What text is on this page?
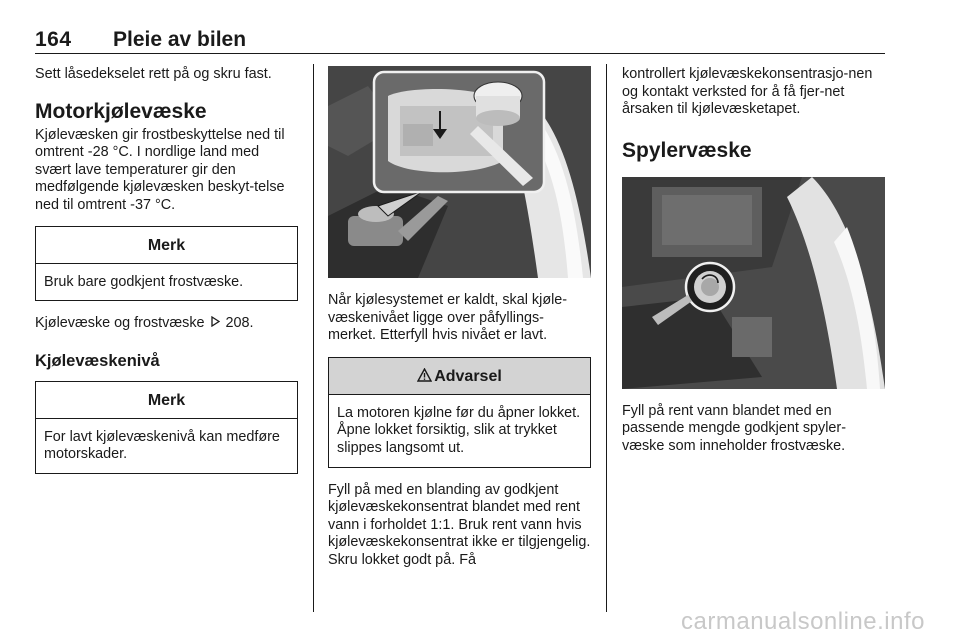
164 Pleie av bilen

Sett låsedekselet rett på og skru fast.

Motorkjølevæske

Kjølevæsken gir frostbeskyttelse ned til omtrent -28 °C. I nordlige land med svært lave temperaturer gir den medfølgende kjølevæsken beskyt-telse ned til omtrent -37 °C.

Merk
Bruk bare godkjent frostvæske.

Kjølevæske og frostvæske 208.

Kjølevæskenivå
Merk
For lavt kjølevæskenivå kan medføre motorskader.

Når kjølesystemet er kaldt, skal kjøle-væskenivået ligge over påfyllings-merket. Etterfyll hvis nivået er lavt.

Advarsel
La motoren kjølne før du åpner lokket. Åpne lokket forsiktig, slik at trykket slippes langsomt ut.

Fyll på med en blanding av godkjent kjølevæskekonsentrat blandet med rent vann i forholdet 1:1. Bruk rent vann hvis kjølevæskekonsentrat ikke er tilgjengelig. Skru lokket godt på. Få

kontrollert kjølevæskekonsentrasjo-nen og kontakt verksted for å få fjer-net årsaken til kjølevæsketapet.

Spylervæske

Fyll på rent vann blandet med en passende mengde godkjent spyler-væske som inneholder frostvæske.

carmanualsonline.info
